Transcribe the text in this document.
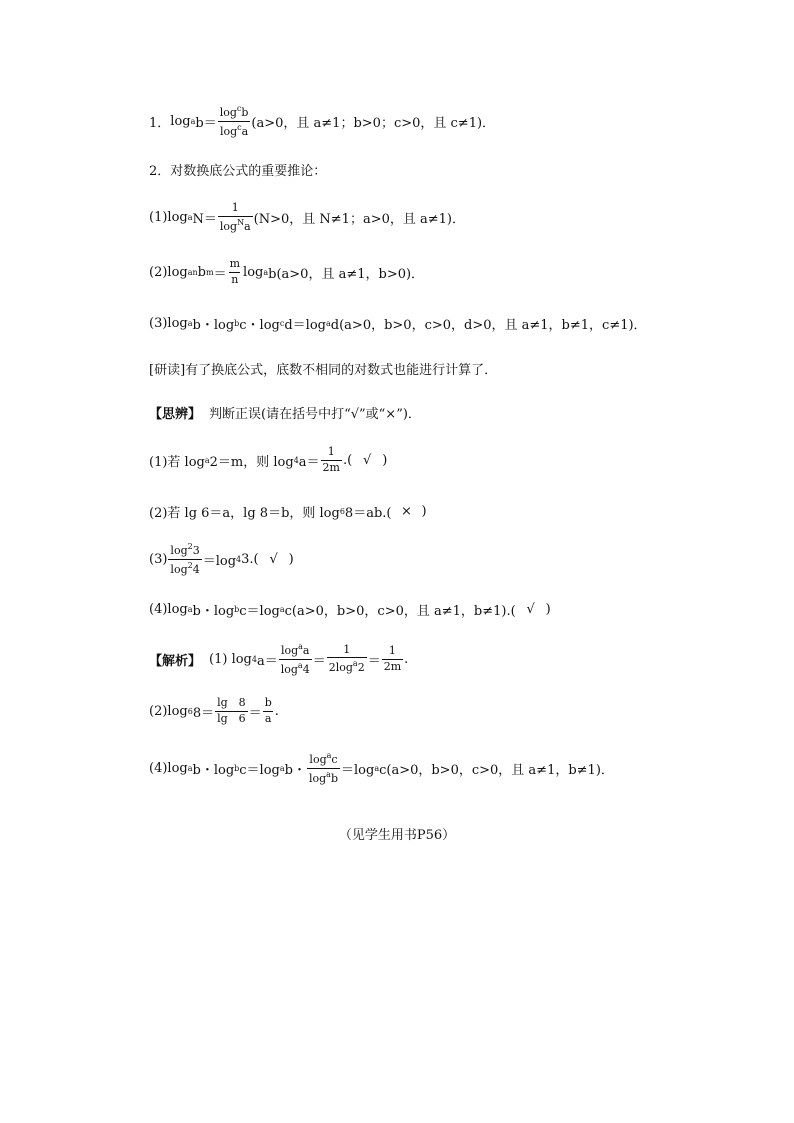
1． log a $b= \frac{\log^cb}{\log^ca} (a>0$，且 a≠1；b>0；c>0，且 c≠1)．
2．对数换底公式的重要推论：
(1) log a $N= \frac{1}{\log^Na} (N>0$，且 N≠1；a>0，且 a≠1)．
(2) log an b $m = \frac{m}{n}$ log a b(a>0，且 a≠1，b>0)．
(3) log a b・log b c・log c d＝log a d(a>0，b>0，c>0，d>0，且 a≠1，b≠1，c≠1)．
[研读]有了换底公式，底数不相同的对数式也能进行计算了．
【思辨】 判断正误(请在括号中打“√”或“×”)．
(1)若 log a 2＝m，则 log 4 $a= \frac{1}{2m}$ .( √ )
(2)若 lg 6＝a，lg 8＝b，则 log 6 8＝ab.( × )
$(3) \frac{\log^23}{\log^24} =\log$ 4 3.( √ )
(4)log a b・log b c＝log a c(a>0，b>0，c>0，且 a≠1，b≠1).( √ )
【解析】 (1) log 4 $a= \frac{\log^aa}{\log^a4} = \frac{1}{2\log^a2} = \frac{1}{2m}$ .
(2)log 6 $8= \frac{\lg 8}{\lg 6} = \frac{b}{a}$ .
(4)log a b・log b c＝log a b・ $\frac{\log^ac}{\log^ab} =\log$ a c(a>0，b>0，c>0，且 a≠1，b≠1)．
（见学生用书P56）
